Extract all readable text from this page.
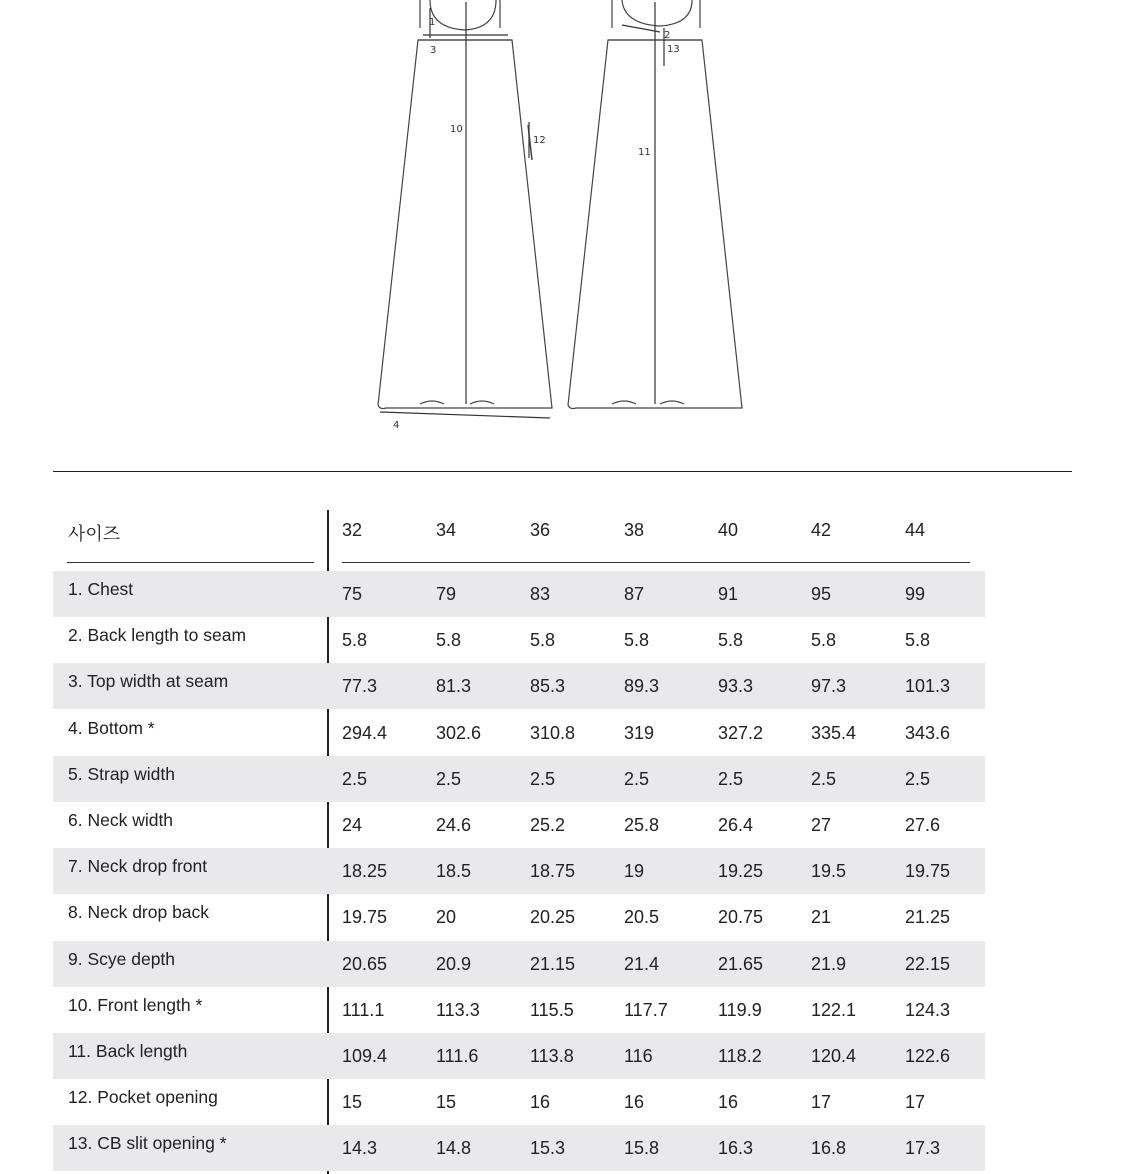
1
3
4
10
12
2
11
13
사이즈	32	34	36	38	40	42	44
1. Chest	75	79	83	87	91	95	99
2. Back length to seam	5.8	5.8	5.8	5.8	5.8	5.8	5.8
3. Top width at seam	77.3	81.3	85.3	89.3	93.3	97.3	101.3
4. Bottom *	294.4	302.6	310.8	319	327.2	335.4	343.6
5. Strap width	2.5	2.5	2.5	2.5	2.5	2.5	2.5
6. Neck width	24	24.6	25.2	25.8	26.4	27	27.6
7. Neck drop front	18.25	18.5	18.75	19	19.25	19.5	19.75
8. Neck drop back	19.75	20	20.25	20.5	20.75	21	21.25
9. Scye depth	20.65	20.9	21.15	21.4	21.65	21.9	22.15
10. Front length *	111.1	113.3	115.5	117.7	119.9	122.1	124.3
11. Back length	109.4	111.6	113.8	116	118.2	120.4	122.6
12. Pocket opening	15	15	16	16	16	17	17
13. CB slit opening *	14.3	14.8	15.3	15.8	16.3	16.8	17.3
